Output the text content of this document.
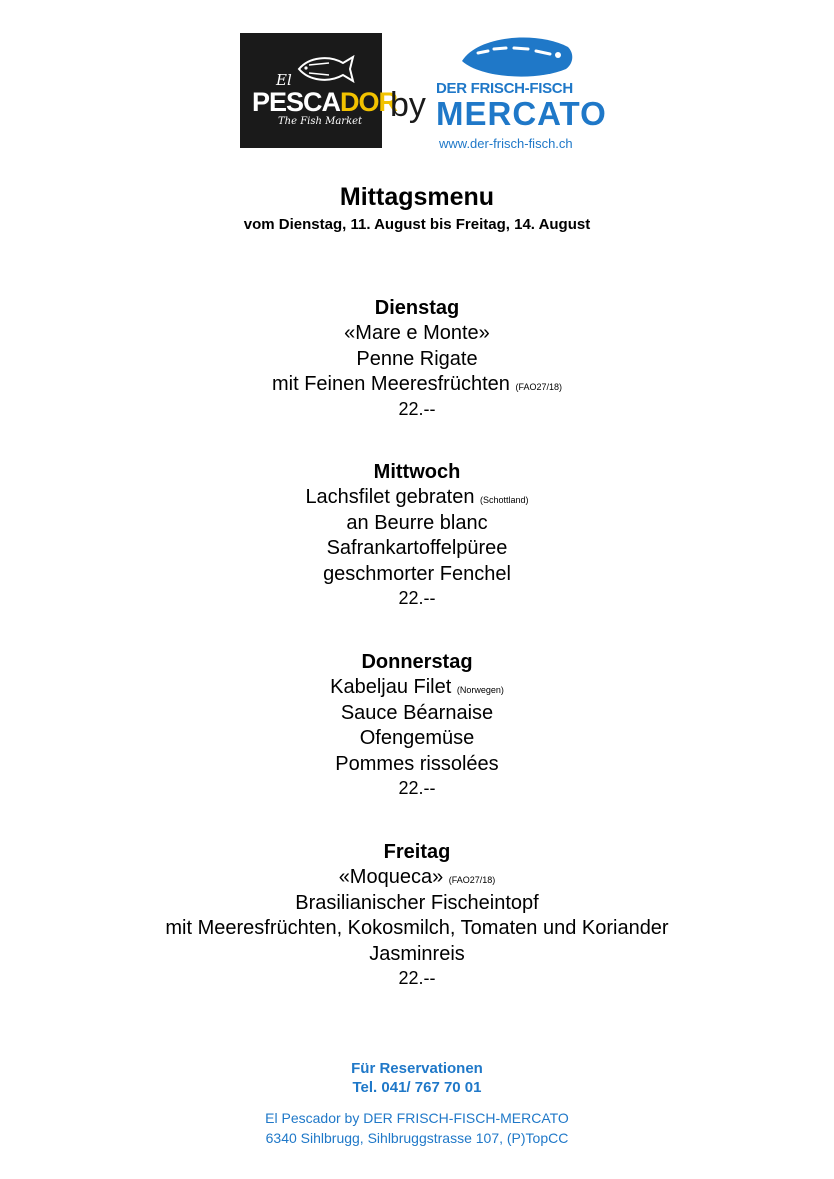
El
PESCADOR
The Fish Market by DER FRISCH-FISCH
MERCATO
www.der-frisch-fisch.ch
Mittagsmenu
vom Dienstag, 11. August bis Freitag, 14. August
Dienstag
«Mare e Monte»
Penne Rigate
mit Feinen Meeresfrüchten (FAO27/18)
22.--
Mittwoch
Lachsfilet gebraten (Schottland)
an Beurre blanc
Safrankartoffelpüree
geschmorter Fenchel
22.--
Donnerstag
Kabeljau Filet (Norwegen)
Sauce Béarnaise
Ofengemüse
Pommes rissolées
22.--
Freitag
«Moqueca» (FAO27/18)
Brasilianischer Fischeintopf
mit Meeresfrüchten, Kokosmilch, Tomaten und Koriander
Jasminreis
22.--
Für Reservationen
Tel. 041/ 767 70 01
El Pescador by DER FRISCH-FISCH-MERCATO
6340 Sihlbrugg, Sihlbruggstrasse 107, (P)TopCC
